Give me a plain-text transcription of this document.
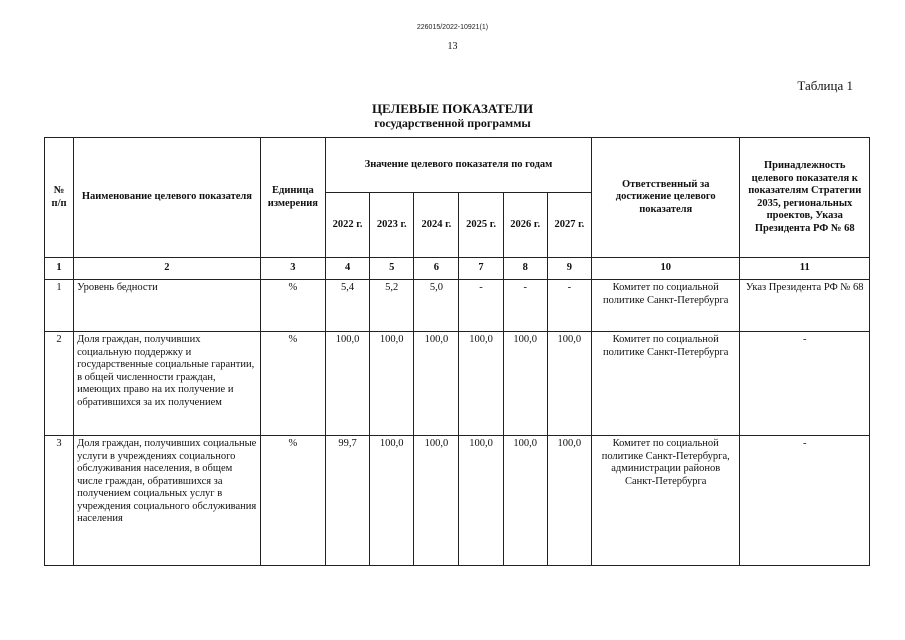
226015/2022-10921(1)
13
Таблица 1
ЦЕЛЕВЫЕ ПОКАЗАТЕЛИ
государственной программы
№ п/п	Наименование целевого показателя	Единица измерения	Значение целевого показателя по годам						Ответственный за достижение целевого показателя	Принадлежность целевого показателя к показателям Стратегии 2035, региональных проектов, Указа Президента РФ № 68
			2022 г.	2023 г.	2024 г.	2025 г.	2026 г.	2027 г.		
1	2	3	4	5	6	7	8	9	10	11
1	Уровень бедности	%	5,4	5,2	5,0	-	-	-	Комитет по социальной политике Санкт-Петербурга	Указ Президента РФ № 68
2	Доля граждан, получивших социальную поддержку и государственные социальные гарантии, в общей численности граждан, имеющих право на их получение и обратившихся за их получением	%	100,0	100,0	100,0	100,0	100,0	100,0	Комитет по социальной политике Санкт-Петербурга	-
3	Доля граждан, получивших социальные услуги в учреждениях социального обслуживания населения, в общем числе граждан, обратившихся за получением социальных услуг в учреждения социального обслуживания населения	%	99,7	100,0	100,0	100,0	100,0	100,0	Комитет по социальной политике Санкт-Петербурга, администрации районов Санкт-Петербурга	-
